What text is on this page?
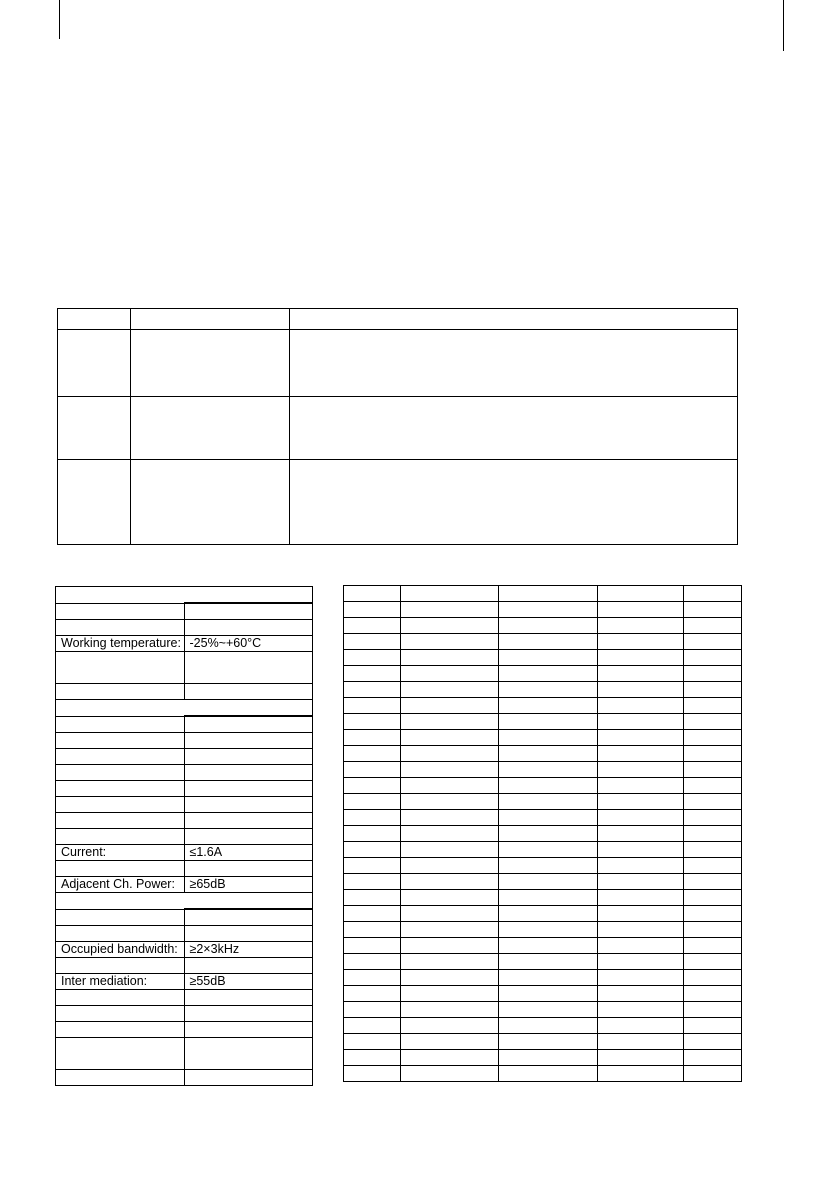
Working temperature:	-25%~+60°C

Current:	≤1.6A

Adjacent Ch. Power:	≥65dB

Occupied bandwidth:	≥2×3kHz

Inter mediation:	≥55dB
